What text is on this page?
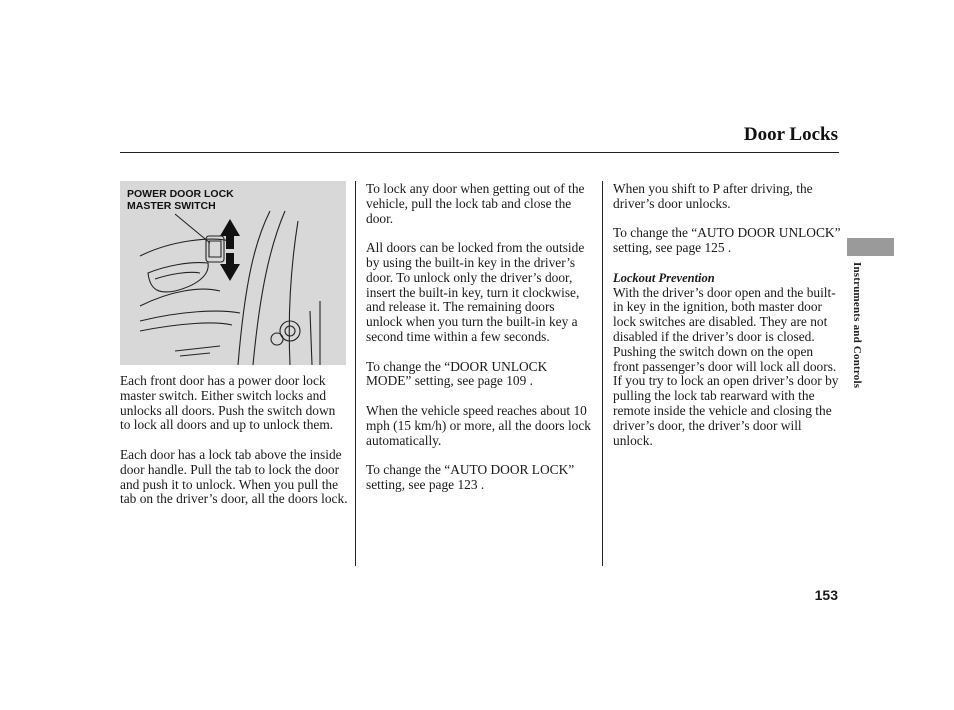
Door Locks
Instruments and Controls
POWER DOOR LOCK
MASTER SWITCH

Each front door has a power door lock master switch. Either switch locks and unlocks all doors. Push the switch down to lock all doors and up to unlock them.

Each door has a lock tab above the inside door handle. Pull the tab to lock the door and push it to unlock. When you pull the tab on the driver’s door, all the doors lock.

To lock any door when getting out of the vehicle, pull the lock tab and close the door.

All doors can be locked from the outside by using the built-in key in the driver’s door. To unlock only the driver’s door, insert the built-in key, turn it clockwise, and release it. The remaining doors unlock when you turn the built-in key a second time within a few seconds.

To change the “DOOR UNLOCK MODE” setting, see page 109 .

When the vehicle speed reaches about 10 mph (15 km/h) or more, all the doors lock automatically.

To change the “AUTO DOOR LOCK” setting, see page 123 .

When you shift to P after driving, the driver’s door unlocks.

To change the “AUTO DOOR UNLOCK” setting, see page 125 .

Lockout Prevention

With the driver’s door open and the built-in key in the ignition, both master door lock switches are disabled. They are not disabled if the driver’s door is closed. Pushing the switch down on the open front passenger’s door will lock all doors. If you try to lock an open driver’s door by pulling the lock tab rearward with the remote inside the vehicle and closing the driver’s door, the driver’s door will unlock.

153
